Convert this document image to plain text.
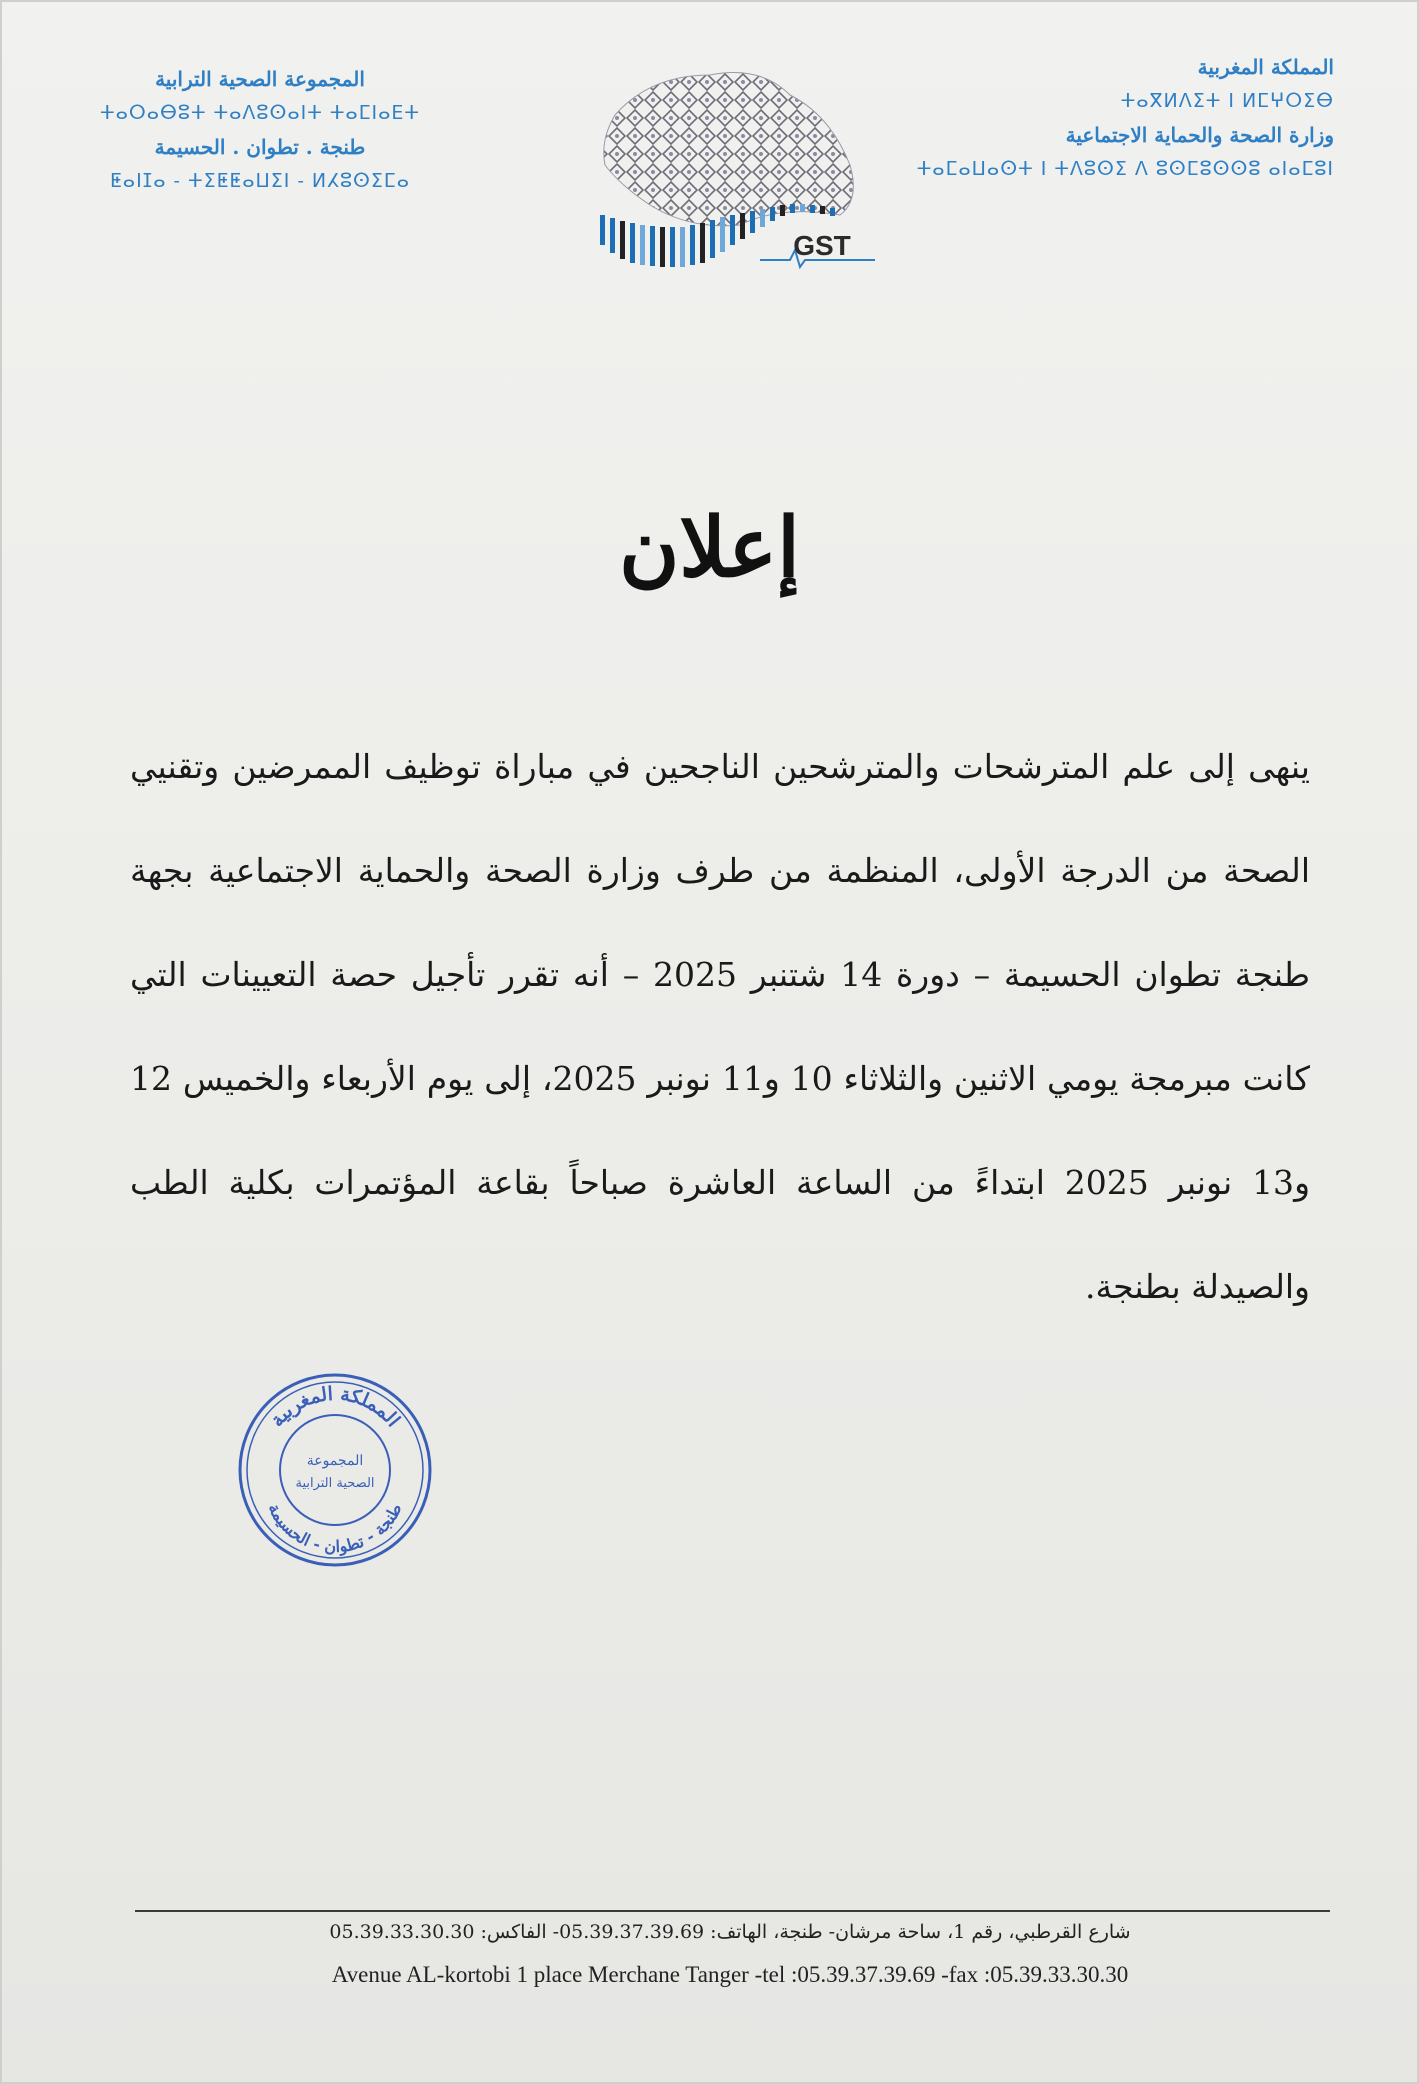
المملكة المغربية
ⵜⴰⴳⵍⴷⵉⵜ ⵏ ⵍⵎⵖⵔⵉⴱ
وزارة الصحة والحماية الاجتماعية
ⵜⴰⵎⴰⵡⴰⵙⵜ ⵏ ⵜⴷⵓⵙⵉ ⴷ ⵓⵙⵎⵓⵙⵙⵓ ⴰⵏⴰⵎⵓⵏ
GST
المجموعة الصحية الترابية
ⵜⴰⵔⴰⴱⵓⵜ ⵜⴰⴷⵓⵙⴰⵏⵜ ⵜⴰⵎⵏⴰⴹⵜ
طنجة . تطوان . الحسيمة
ⵟⴰⵏⵊⴰ - ⵜⵉⵟⵟⴰⵡⵉⵏ - ⵍⵃⵓⵙⵉⵎⴰ
إعلان
ينهى إلى علم المترشحات والمترشحين الناجحين في مباراة توظيف الممرضين وتقنيي الصحة من الدرجة الأولى، المنظمة من طرف وزارة الصحة والحماية الاجتماعية بجهة طنجة تطوان الحسيمة – دورة 14 شتنبر 2025 – أنه تقرر تأجيل حصة التعيينات التي كانت مبرمجة يومي الاثنين والثلاثاء 10 و11 نونبر 2025، إلى يوم الأربعاء والخميس 12 و13 نونبر 2025 ابتداءً من الساعة العاشرة صباحاً بقاعة المؤتمرات بكلية الطب والصيدلة بطنجة.
المملكة المغربية
طنجة - تطوان - الحسيمة
المجموعة
الصحية الترابية
شارع القرطبي، رقم 1، ساحة مرشان- طنجة، الهاتف: 05.39.37.39.69- الفاكس: 05.39.33.30.30
Avenue AL-kortobi 1 place Merchane Tanger -tel :05.39.37.39.69 -fax :05.39.33.30.30
